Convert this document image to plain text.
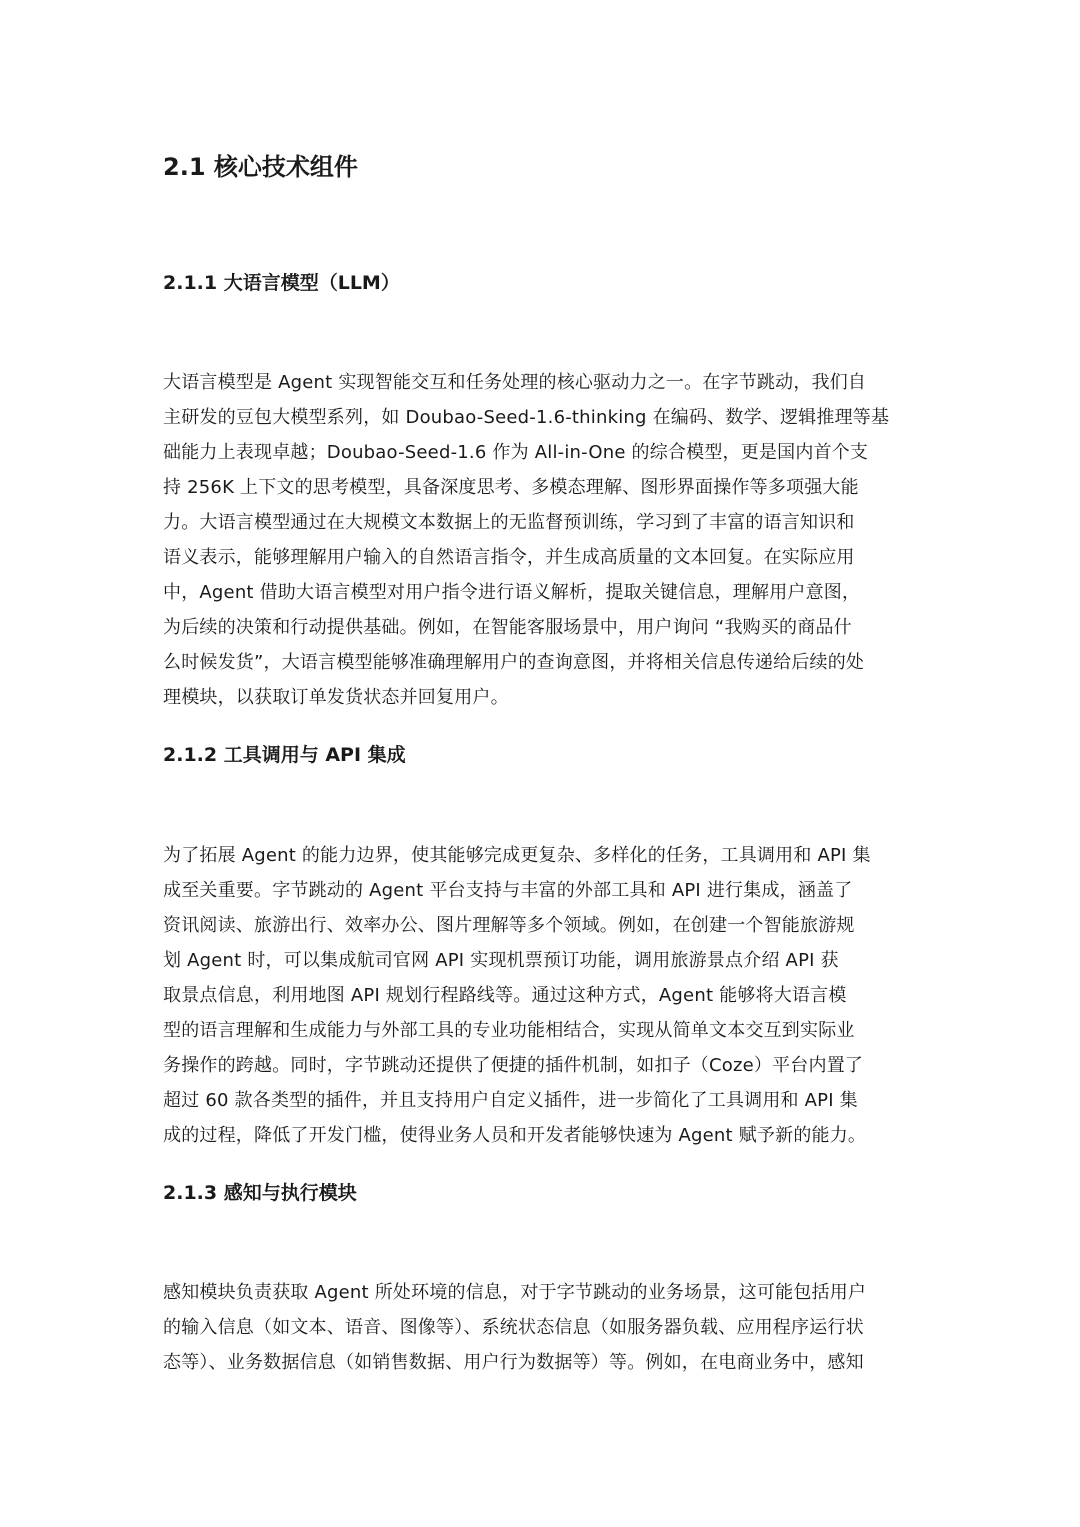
2.1 核心技术组件
2.1.1 大语言模型（LLM）
大语言模型是 Agent 实现智能交互和任务处理的核心驱动力之一。在字节跳动，我们自
主研发的豆包大模型系列，如 Doubao-Seed-1.6-thinking 在编码、数学、逻辑推理等基
础能力上表现卓越；Doubao-Seed-1.6 作为 All-in-One 的综合模型，更是国内首个支
持 256K 上下文的思考模型，具备深度思考、多模态理解、图形界面操作等多项强大能
力。大语言模型通过在大规模文本数据上的无监督预训练，学习到了丰富的语言知识和
语义表示，能够理解用户输入的自然语言指令，并生成高质量的文本回复。在实际应用
中，Agent 借助大语言模型对用户指令进行语义解析，提取关键信息，理解用户意图，
为后续的决策和行动提供基础。例如，在智能客服场景中，用户询问 “我购买的商品什
么时候发货”，大语言模型能够准确理解用户的查询意图，并将相关信息传递给后续的处
理模块，以获取订单发货状态并回复用户。
2.1.2 工具调用与 API 集成
为了拓展 Agent 的能力边界，使其能够完成更复杂、多样化的任务，工具调用和 API 集
成至关重要。字节跳动的 Agent 平台支持与丰富的外部工具和 API 进行集成，涵盖了
资讯阅读、旅游出行、效率办公、图片理解等多个领域。例如，在创建一个智能旅游规
划 Agent 时，可以集成航司官网 API 实现机票预订功能，调用旅游景点介绍 API 获
取景点信息，利用地图 API 规划行程路线等。通过这种方式，Agent 能够将大语言模
型的语言理解和生成能力与外部工具的专业功能相结合，实现从简单文本交互到实际业
务操作的跨越。同时，字节跳动还提供了便捷的插件机制，如扣子（Coze）平台内置了
超过 60 款各类型的插件，并且支持用户自定义插件，进一步简化了工具调用和 API 集
成的过程，降低了开发门槛，使得业务人员和开发者能够快速为 Agent 赋予新的能力。
2.1.3 感知与执行模块
感知模块负责获取 Agent 所处环境的信息，对于字节跳动的业务场景，这可能包括用户
的输入信息（如文本、语音、图像等）、系统状态信息（如服务器负载、应用程序运行状
态等）、业务数据信息（如销售数据、用户行为数据等）等。例如，在电商业务中，感知
